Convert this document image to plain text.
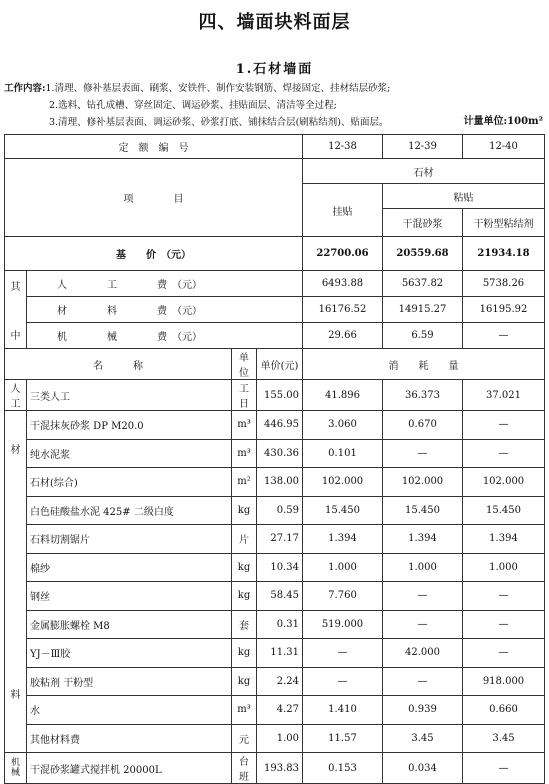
四、墙面块料面层
1.石材墙面
工作内容:1.清理、修补基层表面、刷浆、安铁件、制作安装钢筋、焊接固定、挂材结层砂浆;
2.选料、钻孔成槽、穿丝固定、调运砂浆、挂贴面层、清洁等全过程;
3.清理、修补基层表面、调运砂浆、砂浆打底、铺抹结合层(刷粘结剂)、贴面层。	计量单位:100m²
定　额　编　号				12-38	12-39	12-40
项　　　　目				石材		
				挂贴	粘贴	
					干混砂浆	干粉型粘结剂
基　　价　（元）				22700.06	20559.68	21934.18

其
中	人　　　　工　　　　费　（元）			6493.88	5637.82	5738.26
	材　　　　料　　　　费　（元）			16176.52	14915.27	16195.92
	机　　　　械　　　　费　（元）			29.66	6.59	—
名　　　称		单位	单价(元)	消　　耗　　量		
人工	三类人工	工日	155.00	41.896	36.373	37.021

材
料	干混抹灰砂浆 DP M20.0	m³	446.95	3.060	0.670	—
	纯水泥浆	m³	430.36	0.101	—	—
	石材(综合)	m²	138.00	102.000	102.000	102.000
	白色硅酸盐水泥 425# 二级白度	kg	0.59	15.450	15.450	15.450
	石料切割锯片	片	27.17	1.394	1.394	1.394
	棉纱	kg	10.34	1.000	1.000	1.000
	钢丝	kg	58.45	7.760	—	—
	金属膨胀螺栓 M8	套	0.31	519.000	—	—
	YJ－Ⅲ胶	kg	11.31	—	42.000	—
	胶粘剂 干粉型	kg	2.24	—	—	918.000
	水	m³	4.27	1.410	0.939	0.660
	其他材料费	元	1.00	11.57	3.45	3.45
机械	干混砂浆罐式搅拌机 20000L	台班	193.83	0.153	0.034	—
